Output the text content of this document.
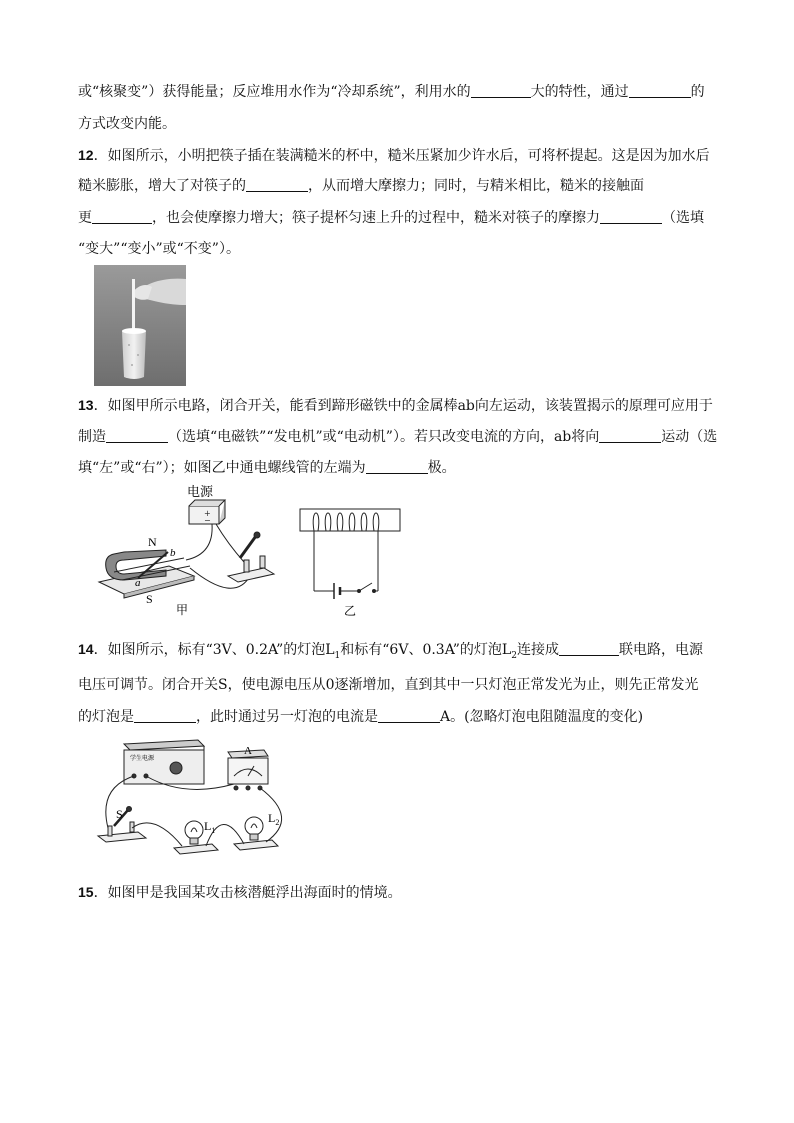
或“核聚变”）获得能量；反应堆用水作为“冷却系统”，利用水的	大的特性，通过	的
方式改变内能。
12．如图所示，小明把筷子插在装满糙米的杯中，糙米压紧加少许水后，可将杯提起。这是因为加水后
糙米膨胀，增大了对筷子的	，从而增大摩擦力；同时，与精米相比，糙米的接触面
更	，也会使摩擦力增大；筷子提杯匀速上升的过程中，糙米对筷子的摩擦力	（选填
“变大”“变小”或“不变”）。
13．如图甲所示电路，闭合开关，能看到蹄形磁铁中的金属棒ab向左运动，该装置揭示的原理可应用于
制造	（选填“电磁铁”“发电机”或“电动机”）。若只改变电流的方向，ab将向	运动（选
填“左”或“右”）；如图乙中通电螺线管的左端为	极。
+
−
电源
N
S
a
b
甲	乙
14．如图所示，标有“3V、0.2A”的灯泡$L_1$和标有“6V、0.3A”的灯泡$L_2$连接成	联电路，电源
电压可调节。闭合开关S，使电源电压从0逐渐增加，直到其中一只灯泡正常发光为止，则先正常发光
的灯泡是	，此时通过另一灯泡的电流是	A。(忽略灯泡电阻随温度的变化)
学生电源
S
A
$L_1$
$L_2$
15．如图甲是我国某攻击核潜艇浮出海面时的情境。
